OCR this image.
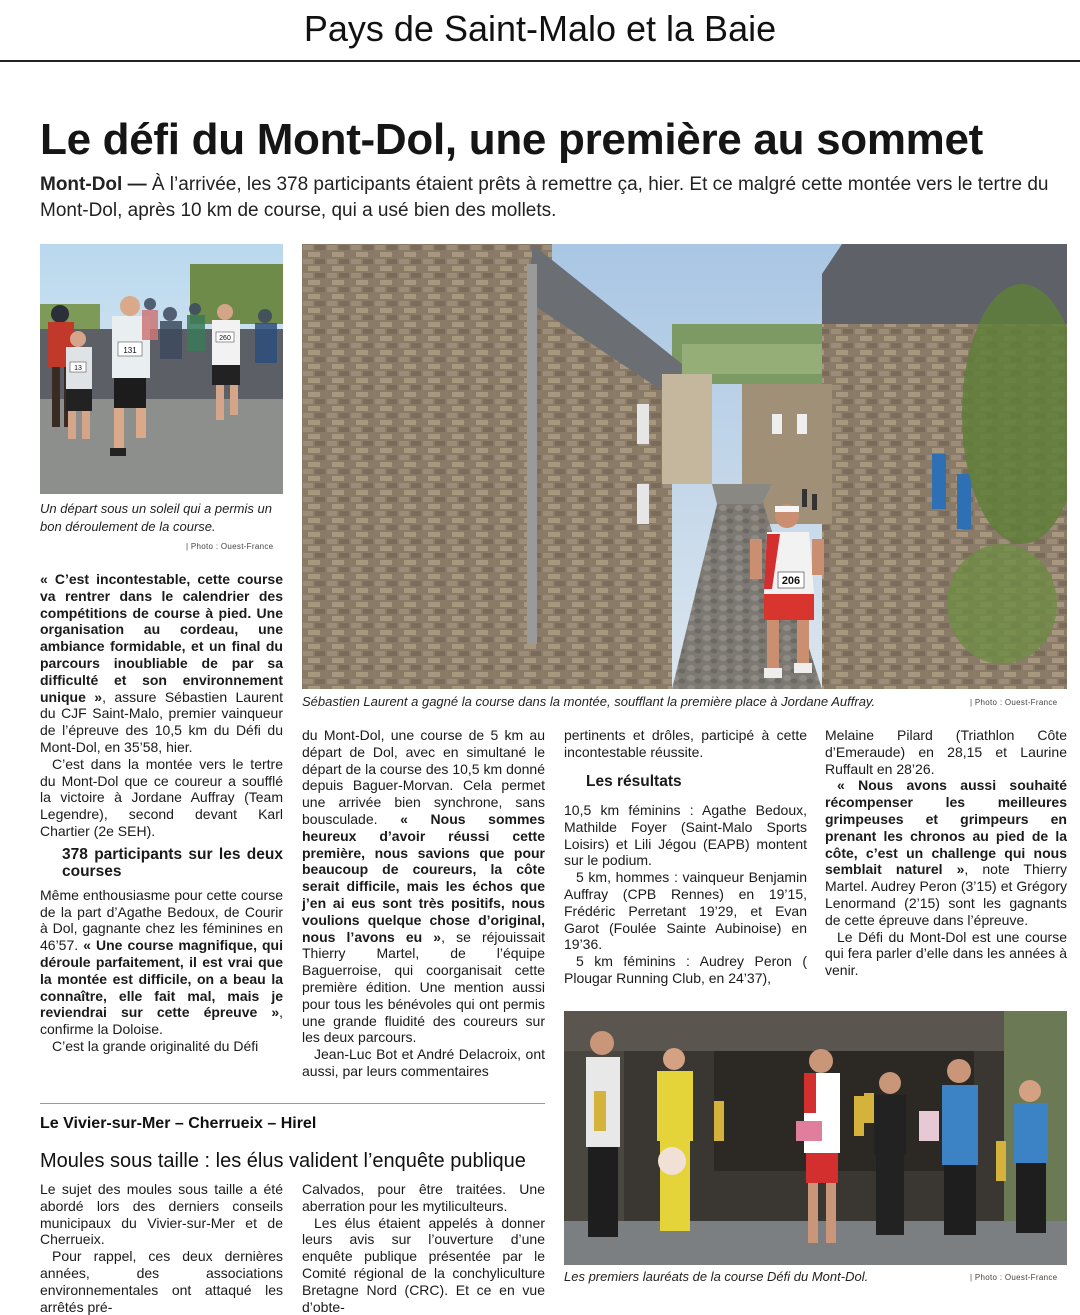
Pays de Saint-Malo et la Baie
Le défi du Mont-Dol, une première au sommet
Mont-Dol — À l’arrivée, les 378 participants étaient prêts à remettre ça, hier. Et ce malgré cette montée vers le tertre du Mont-Dol, après 10 km de course, qui a usé bien des mollets.
131
13
260
Un départ sous un soleil qui a permis un bon déroulement de la course.
| Photo : Ouest-France
206
Sébastien Laurent a gagné la course dans la montée, soufflant la première place à Jordane Auffray.	| Photo : Ouest-France

« C’est incontestable, cette course va rentrer dans le calendrier des compétitions de course à pied. Une organisation au cordeau, une ambiance formidable, et un final du parcours inoubliable de par sa difficulté et son environnement unique », assure Sébastien Laurent du CJF Saint-Malo, premier vainqueur de l’épreuve des 10,5 km du Défi du Mont-Dol, en 35’58, hier.

C’est dans la montée vers le tertre du Mont-Dol que ce coureur a soufflé la victoire à Jordane Auffray (Team Legendre), second devant Karl Chartier (2e SEH).

378 participants sur les deux courses

Même enthousiasme pour cette course de la part d’Agathe Bedoux, de Courir à Dol, gagnante chez les féminines en 46’57. « Une course magnifique, qui déroule parfaitement, il est vrai que la montée est difficile, on a beau la connaître, elle fait mal, mais je reviendrai sur cette épreuve », confirme la Doloise.

C’est la grande originalité du Défi

du Mont-Dol, une course de 5 km au départ de Dol, avec en simultané le départ de la course des 10,5 km donné depuis Baguer-Morvan. Cela permet une arrivée bien synchrone, sans bousculade. « Nous sommes heureux d’avoir réussi cette première, nous savions que pour beaucoup de coureurs, la côte serait difficile, mais les échos que j’en ai eus sont très positifs, nous voulions quelque chose d’original, nous l’avons eu », se réjouissait Thierry Martel, de l’équipe Baguerroise, qui coorganisait cette première édition. Une mention aussi pour tous les bénévoles qui ont permis une grande fluidité des coureurs sur les deux parcours.

Jean-Luc Bot et André Delacroix, ont aussi, par leurs commentaires

pertinents et drôles, participé à cette incontestable réussite.

Les résultats

10,5 km féminins : Agathe Bedoux, Mathilde Foyer (Saint-Malo Sports Loisirs) et Lili Jégou (EAPB) montent sur le podium.

5 km, hommes : vainqueur Benjamin Auffray (CPB Rennes) en 19’15, Frédéric Perretant 19’29, et Evan Garot (Foulée Sainte Aubinoise) en 19’36.

5 km féminins : Audrey Peron ( Plougar Running Club, en 24’37),

Melaine Pilard (Triathlon Côte d’Emeraude) en 28,15 et Laurine Ruffault en 28’26.

« Nous avons aussi souhaité récompenser les meilleures grimpeuses et grimpeurs en prenant les chronos au pied de la côte, c’est un challenge qui nous semblait naturel », note Thierry Martel. Audrey Peron (3’15) et Grégory Lenormand (2’15) sont les gagnants de cette épreuve dans l’épreuve.

Le Défi du Mont-Dol est une course qui fera parler d’elle dans les années à venir.

Les premiers lauréats de la course Défi du Mont-Dol.	| Photo : Ouest-France
Le Vivier-sur-Mer – Cherrueix – Hirel
Moules sous taille : les élus valident l’enquête publique

Le sujet des moules sous taille a été abordé lors des derniers conseils municipaux du Vivier-sur-Mer et de Cherrueix.

Pour rappel, ces deux dernières années, des associations environnementales ont attaqué les arrêtés pré-

Calvados, pour être traitées. Une aberration pour les mytiliculteurs.

Les élus étaient appelés à donner leurs avis sur l’ouverture d’une enquête publique présentée par le Comité régional de la conchyliculture Bretagne Nord (CRC). Et ce en vue d’obte-
